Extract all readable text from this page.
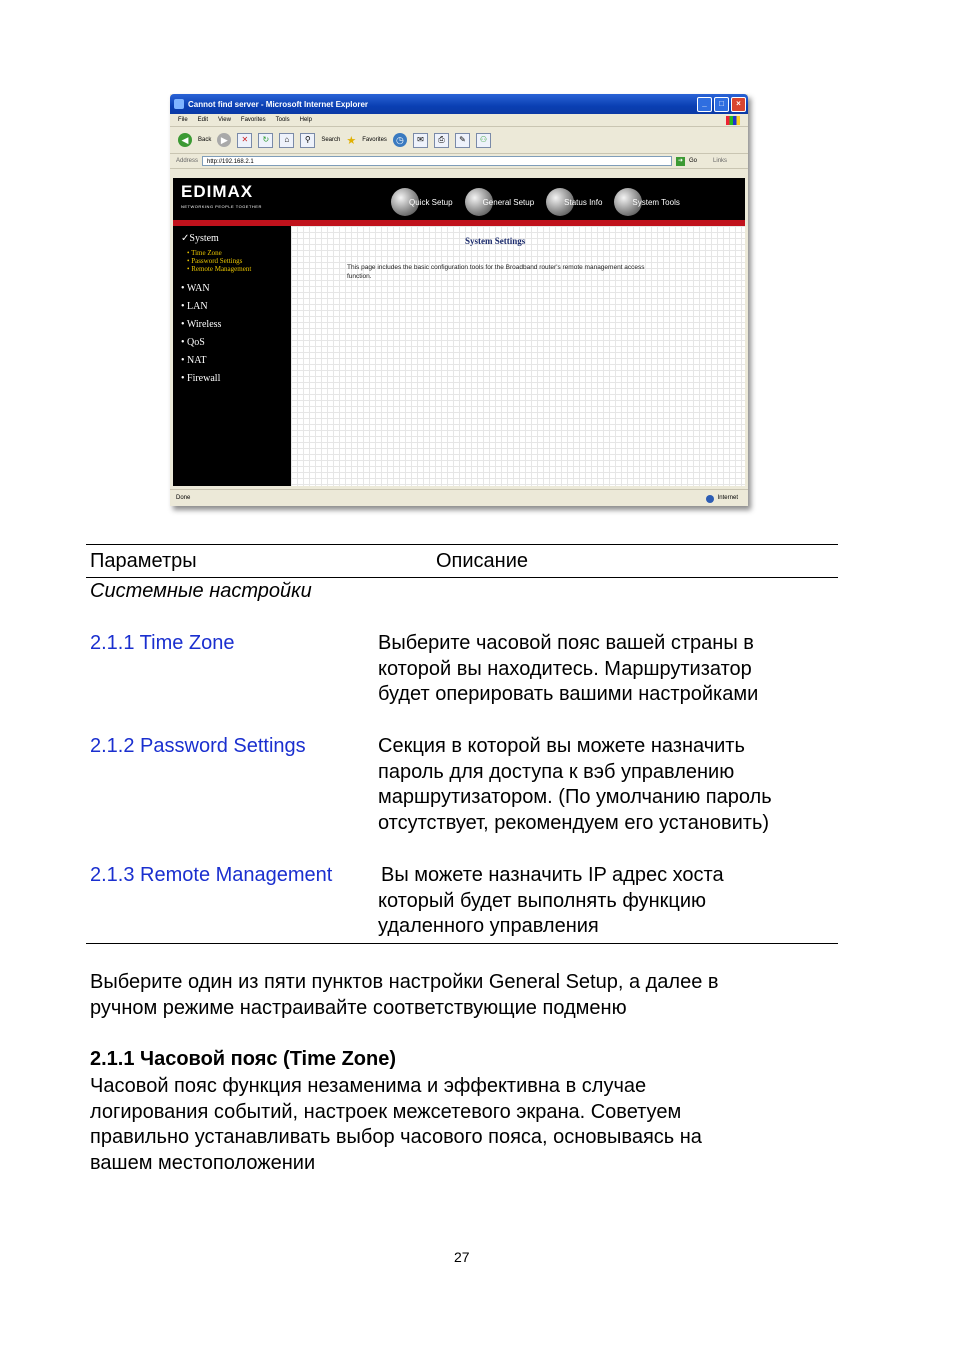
Cannot find server - Microsoft Internet Explorer	_	□	×
File Edit View Favorites Tools Help
◀	Back	▶	✕	↻	⌂	⚲	Search ★ Favorites	◷	✉	⎙	✎	⚇
Address	http://192.168.2.1	➜ Go	Links
EDIMAX
NETWORKING PEOPLE TOGETHER	Quick Setup	General Setup	Status Info	System Tools
✓System
• Time Zone
• Password Settings
• Remote Management
• WAN
• LAN
• Wireless
• QoS
• NAT
• Firewall
System Settings
This page includes the basic configuration tools for the Broadband router's remote management access function.
Done	Internet
Параметры	Описание
Системные настройки
2.1.1 Time Zone	Выберите часовой пояс вашей страны в
которой вы находитесь. Маршрутизатор
будет оперировать вашими настройками
2.1.2 Password Settings	Секция в которой вы можете назначить
пароль для доступа к вэб управлению
маршрутизатором. (По умолчанию пароль
отсутствует, рекомендуем его установить)
2.1.3 Remote Management Вы можете назначить IP адрес хоста
который будет выполнять функцию
удаленного управления
Выберите один из пяти пунктов настройки General Setup, а далее в
ручном режиме настраивайте соответствующие подменю
2.1.1 Часовой пояс (Time Zone)
Часовой пояс функция незаменима и эффективна в случае
логирования событий, настроек межсетевого экрана. Советуем
правильно устанавливать выбор часового пояса, основываясь на
вашем местоположении
27
